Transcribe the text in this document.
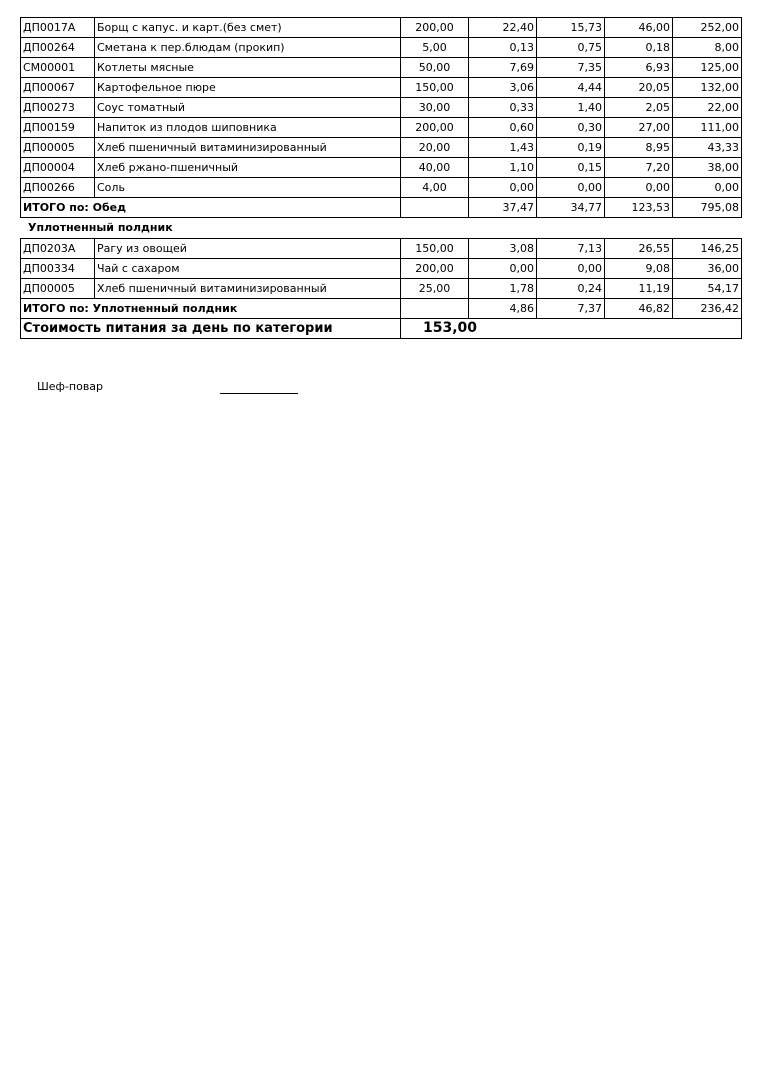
ДП0017А	Борщ с капус. и карт.(без смет)	200,00	22,40	15,73	46,00	252,00
ДП00264	Сметана к пер.блюдам (прокип)	5,00	0,13	0,75	0,18	8,00
СМ00001	Котлеты мясные	50,00	7,69	7,35	6,93	125,00
ДП00067	Картофельное пюре	150,00	3,06	4,44	20,05	132,00
ДП00273	Соус томатный	30,00	0,33	1,40	2,05	22,00
ДП00159	Напиток из плодов шиповника	200,00	0,60	0,30	27,00	111,00
ДП00005	Хлеб пшеничный витаминизированный	20,00	1,43	0,19	8,95	43,33
ДП00004	Хлеб ржано-пшеничный	40,00	1,10	0,15	7,20	38,00
ДП00266	Соль	4,00	0,00	0,00	0,00	0,00
ИТОГО по: Обед			37,47	34,77	123,53	795,08
Уплотненный полдник
ДП0203А	Рагу из овощей	150,00	3,08	7,13	26,55	146,25
ДП00334	Чай с сахаром	200,00	0,00	0,00	9,08	36,00
ДП00005	Хлеб пшеничный витаминизированный	25,00	1,78	0,24	11,19	54,17
ИТОГО по: Уплотненный полдник			4,86	7,37	46,82	236,42
Стоимость питания за день по категории		153,00				
Шеф-повар
